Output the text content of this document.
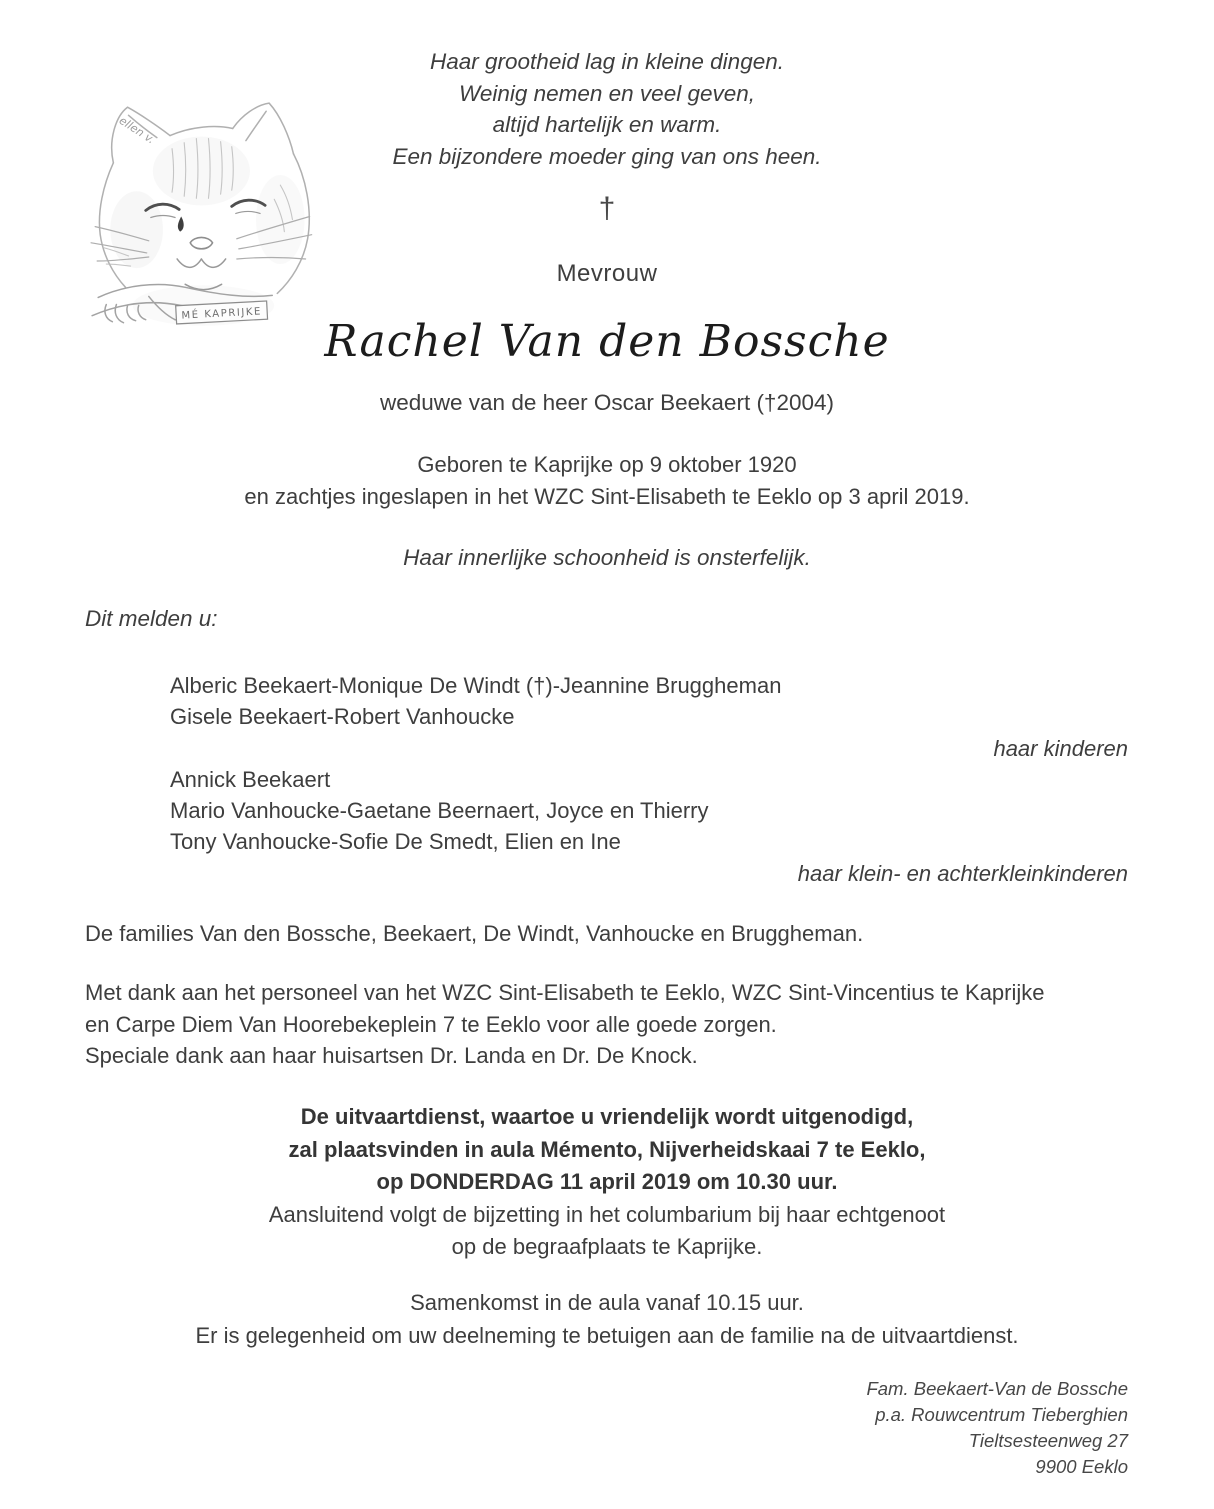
Haar grootheid lag in kleine dingen.
Weinig nemen en veel geven,
altijd hartelijk en warm.
Een bijzondere moeder ging van ons heen.
MÉ KAPRIJKE
ellen v.
†
Mevrouw
Rachel Van den Bossche
weduwe van de heer Oscar Beekaert (†2004)
Geboren te Kaprijke op 9 oktober 1920
en zachtjes ingeslapen in het WZC Sint-Elisabeth te Eeklo op 3 april 2019.
Haar innerlijke schoonheid is onsterfelijk.
Dit melden u:
Alberic Beekaert-Monique De Windt (†)-Jeannine Bruggheman
Gisele Beekaert-Robert Vanhoucke
haar kinderen
Annick Beekaert
Mario Vanhoucke-Gaetane Beernaert, Joyce en Thierry
Tony Vanhoucke-Sofie De Smedt, Elien en Ine
haar klein- en achterkleinkinderen
De families Van den Bossche, Beekaert, De Windt, Vanhoucke en Bruggheman.
Met dank aan het personeel van het WZC Sint-Elisabeth te Eeklo, WZC Sint-Vincentius te Kaprijke
en Carpe Diem Van Hoorebekeplein 7 te Eeklo voor alle goede zorgen.
Speciale dank aan haar huisartsen Dr. Landa en Dr. De Knock.
De uitvaartdienst, waartoe u vriendelijk wordt uitgenodigd,
zal plaatsvinden in aula Mémento, Nijverheidskaai 7 te Eeklo,
op DONDERDAG 11 april 2019 om 10.30 uur.
Aansluitend volgt de bijzetting in het columbarium bij haar echtgenoot
op de begraafplaats te Kaprijke.
Samenkomst in de aula vanaf 10.15 uur.
Er is gelegenheid om uw deelneming te betuigen aan de familie na de uitvaartdienst.
Fam. Beekaert-Van de Bossche
p.a. Rouwcentrum Tieberghien
Tieltsesteenweg 27
9900 Eeklo
